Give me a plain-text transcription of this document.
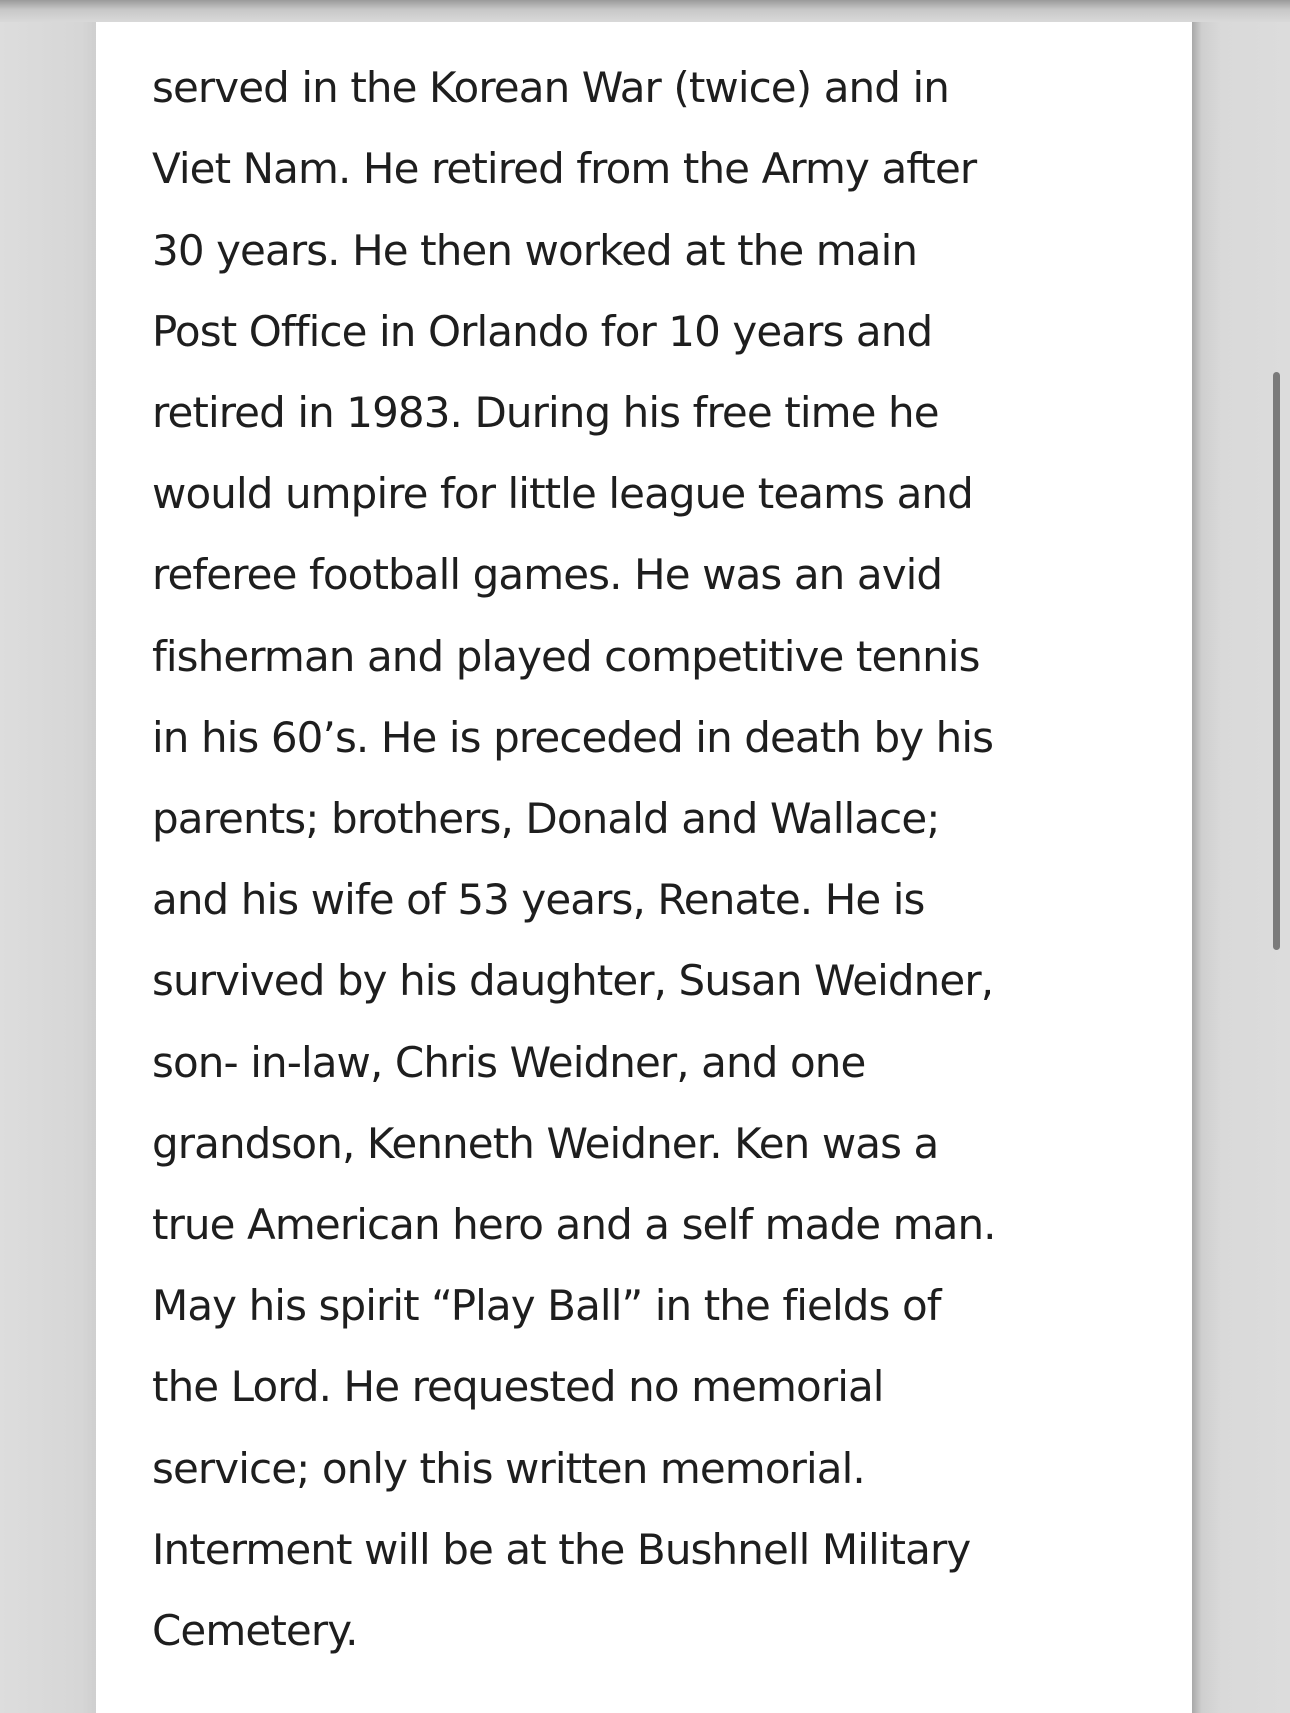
served in the Korean War (twice) and in
Viet Nam. He retired from the Army after
30 years. He then worked at the main
Post Office in Orlando for 10 years and
retired in 1983. During his free time he
would umpire for little league teams and
referee football games. He was an avid
fisherman and played competitive tennis
in his 60’s. He is preceded in death by his
parents; brothers, Donald and Wallace;
and his wife of 53 years, Renate. He is
survived by his daughter, Susan Weidner,
son- in-law, Chris Weidner, and one
grandson, Kenneth Weidner. Ken was a
true American hero and a self made man.
May his spirit “Play Ball” in the fields of
the Lord. He requested no memorial
service; only this written memorial.
Interment will be at the Bushnell Military
Cemetery.
